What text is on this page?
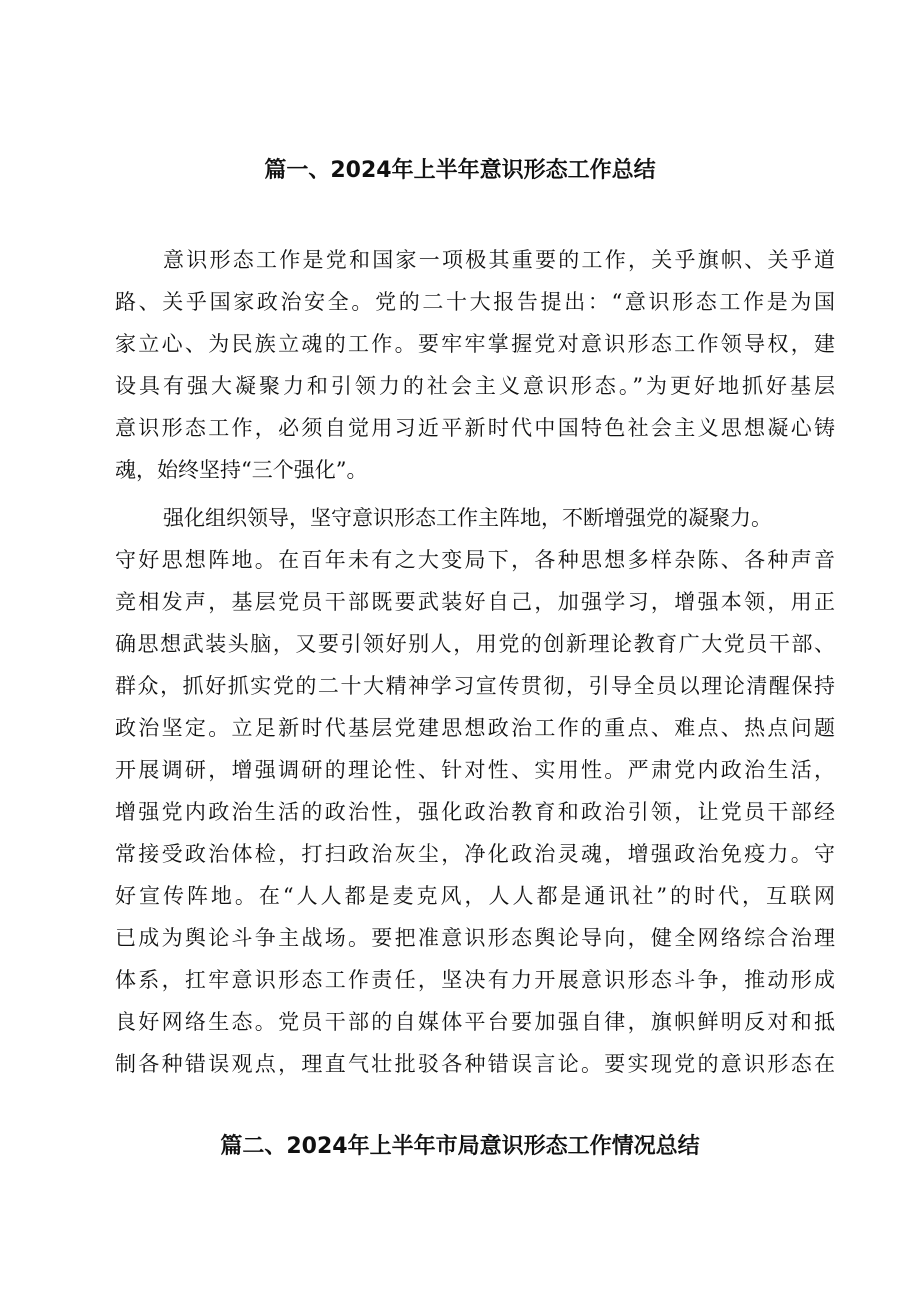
篇一、2024年上半年意识形态工作总结
意识形态工作是党和国家一项极其重要的工作，关乎旗帜、关乎道
路、关乎国家政治安全。党的二十大报告提出：“意识形态工作是为国
家立心、为民族立魂的工作。要牢牢掌握党对意识形态工作领导权，建
设具有强大凝聚力和引领力的社会主义意识形态。”为更好地抓好基层
意识形态工作，必须自觉用习近平新时代中国特色社会主义思想凝心铸
魂，始终坚持“三个强化”。
强化组织领导，坚守意识形态工作主阵地，不断增强党的凝聚力。
守好思想阵地。在百年未有之大变局下，各种思想多样杂陈、各种声音
竞相发声，基层党员干部既要武装好自己，加强学习，增强本领，用正
确思想武装头脑，又要引领好别人，用党的创新理论教育广大党员干部、
群众，抓好抓实党的二十大精神学习宣传贯彻，引导全员以理论清醒保持
政治坚定。立足新时代基层党建思想政治工作的重点、难点、热点问题
开展调研，增强调研的理论性、针对性、实用性。严肃党内政治生活，
增强党内政治生活的政治性，强化政治教育和政治引领，让党员干部经
常接受政治体检，打扫政治灰尘，净化政治灵魂，增强政治免疫力。守
好宣传阵地。在“人人都是麦克风，人人都是通讯社”的时代，互联网
已成为舆论斗争主战场。要把准意识形态舆论导向，健全网络综合治理
体系，扛牢意识形态工作责任，坚决有力开展意识形态斗争，推动形成
良好网络生态。党员干部的自媒体平台要加强自律，旗帜鲜明反对和抵
制各种错误观点，理直气壮批驳各种错误言论。要实现党的意识形态在
篇二、2024年上半年市局意识形态工作情况总结
